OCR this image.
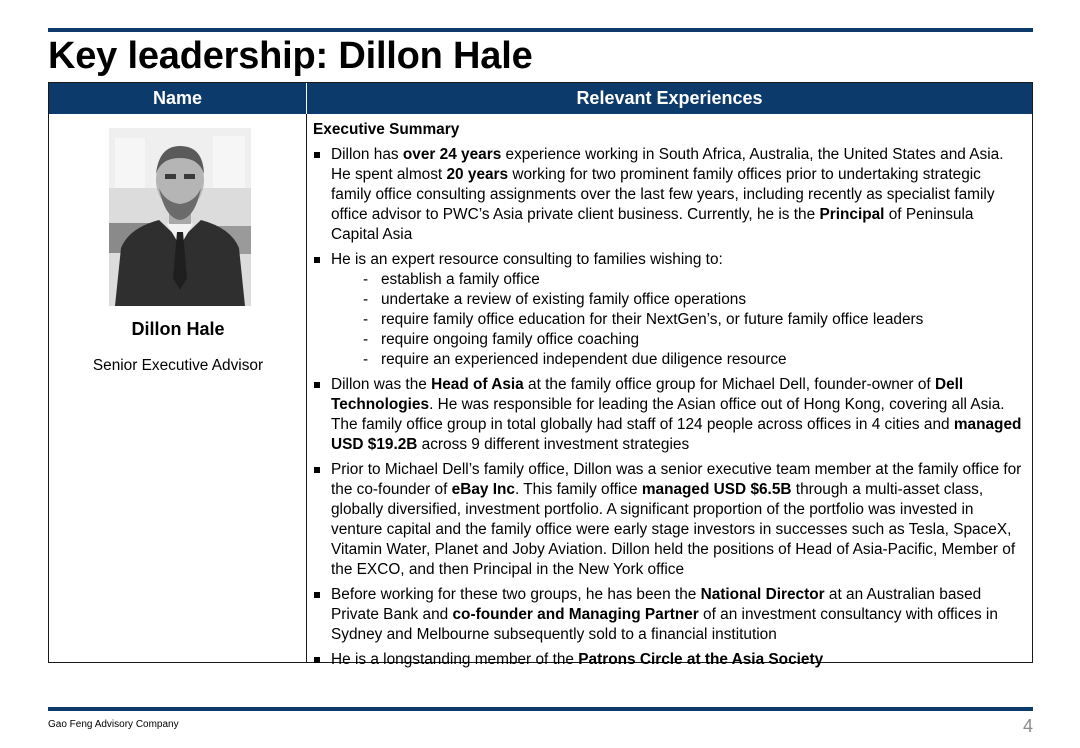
Key leadership: Dillon Hale
Name	Relevant Experiences
Dillon Hale
Senior Executive Advisor
Executive Summary
Dillon has over 24 years experience working in South Africa, Australia, the United States and Asia. He spent almost 20 years working for two prominent family offices prior to undertaking strategic family office consulting assignments over the last few years, including recently as specialist family office advisor to PWC’s Asia private client business. Currently, he is the Principal of Peninsula Capital Asia
He is an expert resource consulting to families wishing to:
- establish a family office
- undertake a review of existing family office operations
- require family office education for their NextGen’s, or future family office leaders
- require ongoing family office coaching
- require an experienced independent due diligence resource
Dillon was the Head of Asia at the family office group for Michael Dell, founder-owner of Dell Technologies. He was responsible for leading the Asian office out of Hong Kong, covering all Asia. The family office group in total globally had staff of 124 people across offices in 4 cities and managed USD $19.2B across 9 different investment strategies
Prior to Michael Dell’s family office, Dillon was a senior executive team member at the family office for the co-founder of eBay Inc. This family office managed USD $6.5B through a multi-asset class, globally diversified, investment portfolio. A significant proportion of the portfolio was invested in venture capital and the family office were early stage investors in successes such as Tesla, SpaceX, Vitamin Water, Planet and Joby Aviation. Dillon held the positions of Head of Asia-Pacific, Member of the EXCO, and then Principal in the New York office
Before working for these two groups, he has been the National Director at an Australian based Private Bank and co-founder and Managing Partner of an investment consultancy with offices in Sydney and Melbourne subsequently sold to a financial institution
He is a longstanding member of the Patrons Circle at the Asia Society
Gao Feng Advisory Company	4
